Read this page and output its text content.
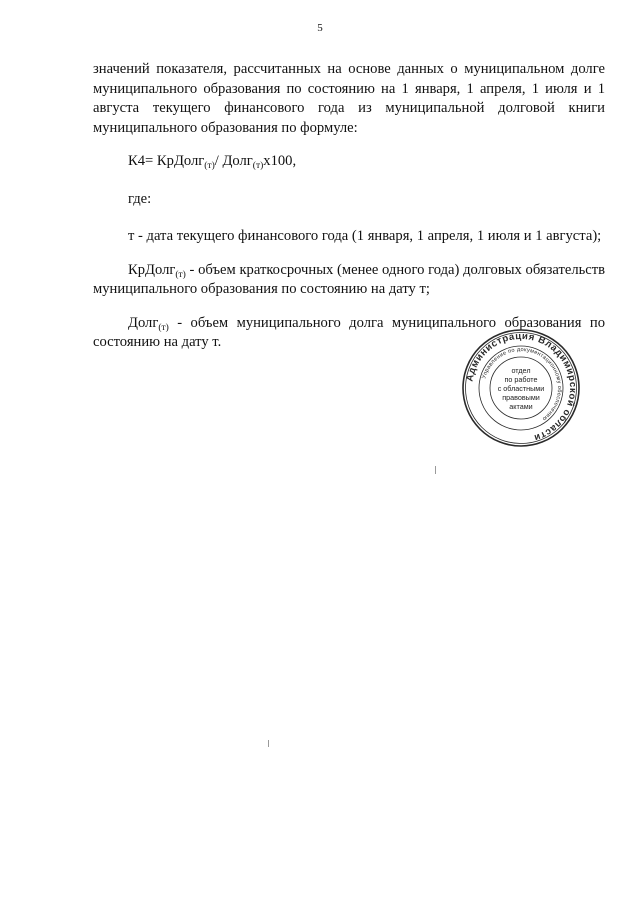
5

значений показателя, рассчитанных на основе данных о муниципальном долге муниципального образования по состоянию на 1 января, 1 апреля, 1 июля и 1 августа текущего финансового года из муниципальной долговой книги муниципального образования по формуле:

К4= КрДолг$_{(т)}$/ Долг$_{(т)}$х100,

где:

т - дата текущего финансового года (1 января, 1 апреля, 1 июля и 1 августа);

КрДолг$_{(т)}$ - объем краткосрочных (менее одного года) долговых обязательств муниципального образования по состоянию на дату т;

Долг$_{(т)}$ - объем муниципального долга муниципального образования по состоянию на дату т.

Администрация Владимирской области
Управление по документационному обеспечению
отдел
по работе
с областными
правовыми
актами
